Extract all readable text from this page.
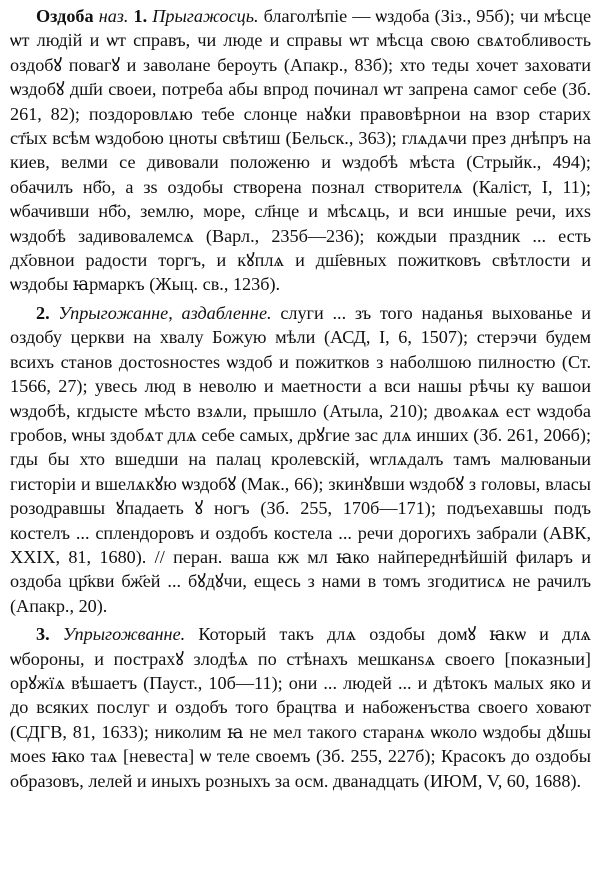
Оздоба наз. 1. Прыгажосць. благолѣпіе — ѡздоба (Зіз., 95б); чи мѣсце ѡт людій и ѡт справъ, чи люде и справы ѡт мѣсца свою свѧтобливость оздобꙋ повагꙋ и заволане бероуть (Апакр., 83б); хто теды хочет заховати ѡздобꙋ дш҃и своеи, потреба абы впрод починал ѡт запрена самог себе (Зб. 261, 82); поздоровлѧю тебе слонце наꙋки правовѣрнои на взор старих ст҃ых всѣм ѡздобою цноты свѣтиш (Бельск., 363); глѧдѧчи през днѣпръ на киев, велми се дивовали положеню и ѡздобѣ мѣста (Стрыйк., 494); обачилъ нб҃о, а зѕ оздобы створена познал створителѧ (Каліст, І, 11); ѡбачивши нб҃о, землю, море, сл҃нце и мѣсѧць, и вси иншые речи, ихѕ ѡздобѣ задивовалемсѧ (Варл., 235б—236); кождыи праздник ... есть дх҃овнои радости торгъ, и кꙋплѧ и дш҃евных пожитковъ свѣтлости и ѡздобы ꙗрмаркъ (Жыц. св., 123б).

2. Упрыгожанне, аздабленне. слуги ... зъ того наданья выхованье и оздобу церкви на хвалу Божую мѣли (АСД, І, 6, 1507); стерэчи будем всихъ станов достоѕностеѕ ѡздоб и пожитков з наболшою пилностю (Ст. 1566, 27); увесь люд в неволю и маетности а вси нашы рѣчы ку вашои ѡздобѣ, кгдысте мѣсто взѧли, прышло (Атыла, 210); двоѧкаѧ ест ѡздоба гробов, ѡны здобѧт длѧ себе самых, дрꙋгие зас длѧ инших (Зб. 261, 206б); гды бы хто вшедши на палац кролевскій, ѡглѧдалъ тамъ малюваныи гисторіи и вшелѧкꙋю ѡздобꙋ (Мак., 66); зкинꙋвши ѡздобꙋ з головы, власы розодравшы ꙋпадаеть ꙋ ногъ (Зб. 255, 170б—171); подъехавшы подъ костелъ ... сплендоровъ и оздобъ костела ... речи дорогихъ забрали (АВК, XXIX, 81, 1680). // перан. ваша кж мл ꙗко найпереднѣйшій филаръ и оздоба цр҃кви бж҃ей ... бꙋдꙋчи, ещесь з нами в томъ згодитисѧ не рачилъ (Апакр., 20).

3. Упрыгожванне. Который такъ длѧ оздобы домꙋ ꙗкѡ и длѧ ѡбороны, и пострахꙋ злодѣѧ по стѣнахъ мешканѕѧ своего [показныи] орꙋжїѧ вѣшаетъ (Пауст., 10б—11); они ... людей ... и дѣтокъ малых яко и до всяких послуг и оздобъ того брацтва и набоженъства своего ховают (СДГВ, 81, 1633); николим ꙗ не мел такого старанѧ ѡколо ѡздобы дꙋшы моеѕ ꙗко таѧ [невеста] ѡ теле своемъ (Зб. 255, 227б); Красокъ до оздобы образовъ, лелей и иныхъ розныхъ за осм. дванадцать (ИЮМ, V, 60, 1688).
